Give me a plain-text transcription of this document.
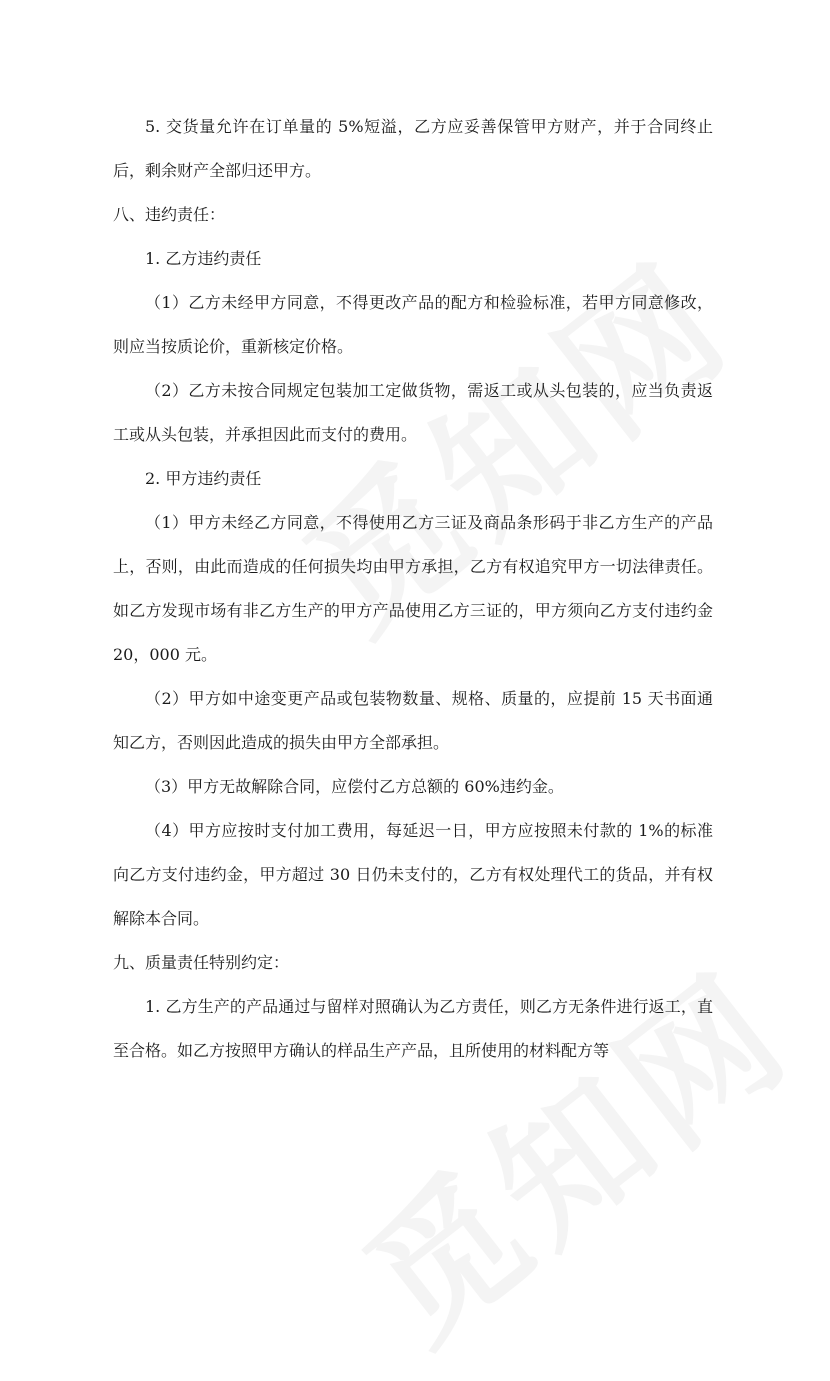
5. 交货量允许在订单量的 5%短溢，乙方应妥善保管甲方财产，并于合同终止后，剩余财产全部归还甲方。

八、违约责任：

1. 乙方违约责任

（1）乙方未经甲方同意，不得更改产品的配方和检验标准，若甲方同意修改，则应当按质论价，重新核定价格。

（2）乙方未按合同规定包装加工定做货物，需返工或从头包装的，应当负责返工或从头包装，并承担因此而支付的费用。

2. 甲方违约责任

（1）甲方未经乙方同意，不得使用乙方三证及商品条形码于非乙方生产的产品上，否则，由此而造成的任何损失均由甲方承担，乙方有权追究甲方一切法律责任。如乙方发现市场有非乙方生产的甲方产品使用乙方三证的，甲方须向乙方支付违约金 20，000 元。

（2）甲方如中途变更产品或包装物数量、规格、质量的，应提前 15 天书面通知乙方，否则因此造成的损失由甲方全部承担。

（3）甲方无故解除合同，应偿付乙方总额的 60%违约金。

（4）甲方应按时支付加工费用，每延迟一日，甲方应按照未付款的 1%的标准向乙方支付违约金，甲方超过 30 日仍未支付的，乙方有权处理代工的货品，并有权解除本合同。

九、质量责任特别约定：

1. 乙方生产的产品通过与留样对照确认为乙方责任，则乙方无条件进行返工，直至合格。如乙方按照甲方确认的样品生产产品，且所使用的材料配方等
